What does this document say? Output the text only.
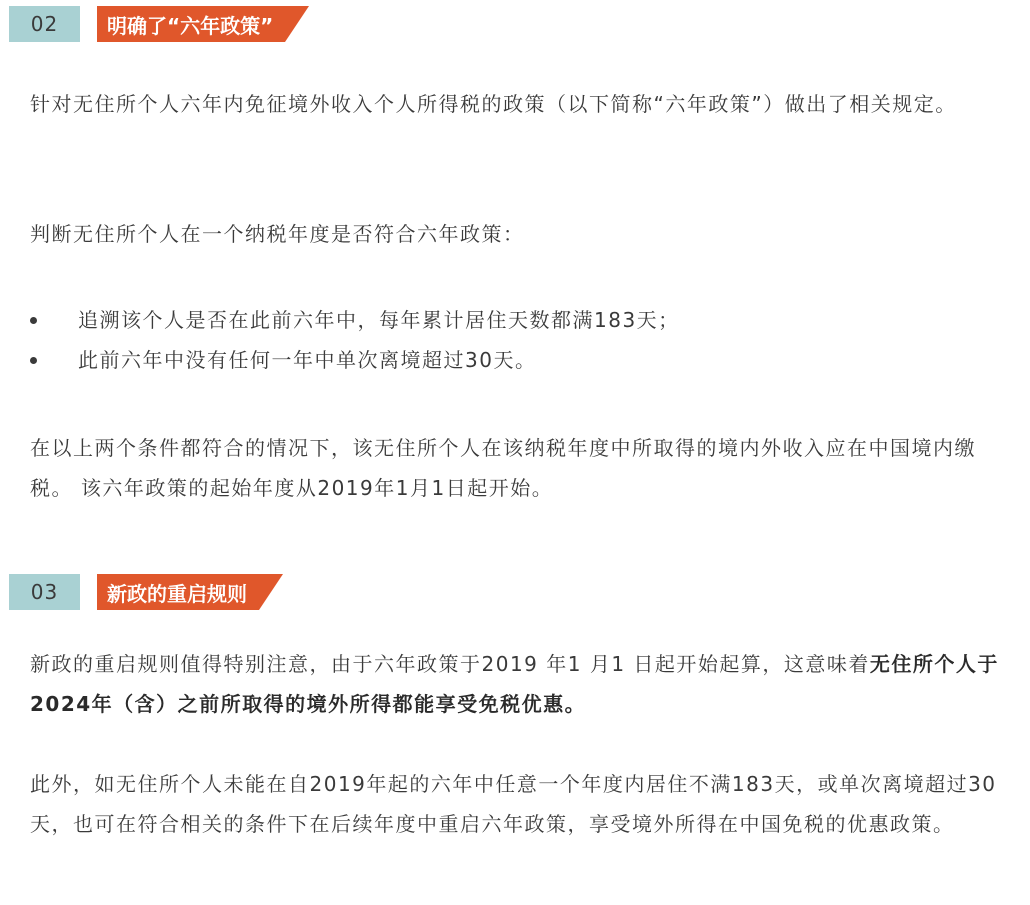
02	明确了“六年政策”

针对无住所个人六年内免征境外收入个人所得税的政策（以下简称“六年政策”）做出了相关规定。

判断无住所个人在一个纳税年度是否符合六年政策：

追溯该个人是否在此前六年中，每年累计居住天数都满183天；
此前六年中没有任何一年中单次离境超过30天。

在以上两个条件都符合的情况下，该无住所个人在该纳税年度中所取得的境内外收入应在中国境内缴税。 该六年政策的起始年度从2019年1月1日起开始。

03	新政的重启规则

新政的重启规则值得特别注意，由于六年政策于2019 年1 月1 日起开始起算，这意味着无住所个人于2024年（含）之前所取得的境外所得都能享受免税优惠。

此外，如无住所个人未能在自2019年起的六年中任意一个年度内居住不满183天，或单次离境超过30天，也可在符合相关的条件下在后续年度中重启六年政策，享受境外所得在中国免税的优惠政策。
